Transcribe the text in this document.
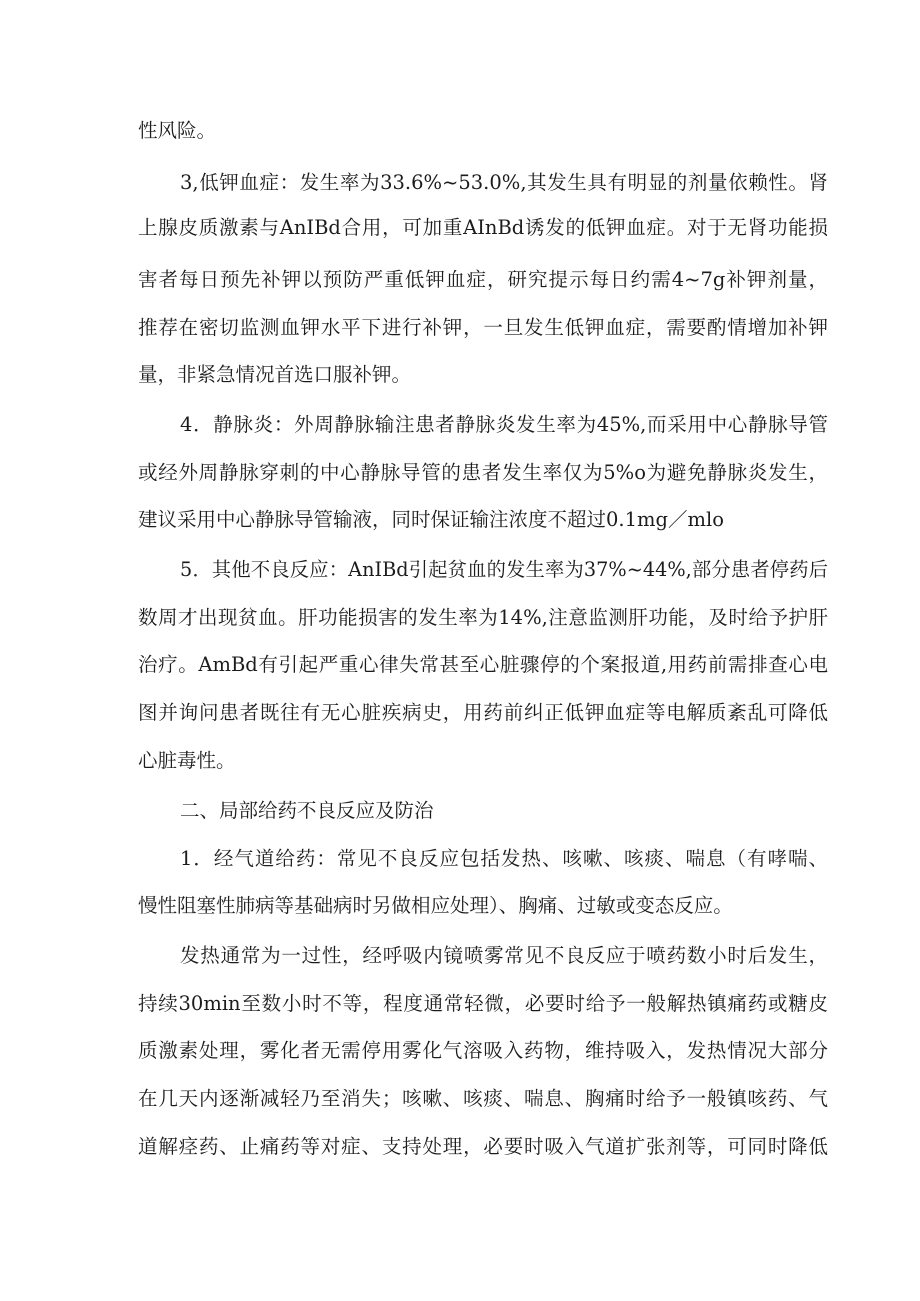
性风险。
3,低钾血症：发生率为33.6%~53.0%,其发生具有明显的剂量依赖性。肾
上腺皮质激素与AnIBd合用，可加重AInBd诱发的低钾血症。对于无肾功能损
害者每日预先补钾以预防严重低钾血症，研究提示每日约需4~7g补钾剂量，
推荐在密切监测血钾水平下进行补钾，一旦发生低钾血症，需要酌情增加补钾
量，非紧急情况首选口服补钾。
4．静脉炎：外周静脉输注患者静脉炎发生率为45%,而采用中心静脉导管
或经外周静脉穿刺的中心静脉导管的患者发生率仅为5%o为避免静脉炎发生，
建议采用中心静脉导管输液，同时保证输注浓度不超过0.1mg／mlo
5．其他不良反应：AnIBd引起贫血的发生率为37%~44%,部分患者停药后
数周才出现贫血。肝功能损害的发生率为14%,注意监测肝功能，及时给予护肝
治疗。AmBd有引起严重心律失常甚至心脏骤停的个案报道,用药前需排查心电
图并询问患者既往有无心脏疾病史，用药前纠正低钾血症等电解质紊乱可降低
心脏毒性。
二、局部给药不良反应及防治
1．经气道给药：常见不良反应包括发热、咳嗽、咳痰、喘息（有哮喘、
慢性阻塞性肺病等基础病时另做相应处理）、胸痛、过敏或变态反应。
发热通常为一过性，经呼吸内镜喷雾常见不良反应于喷药数小时后发生，
持续30min至数小时不等，程度通常轻微，必要时给予一般解热镇痛药或糖皮
质激素处理，雾化者无需停用雾化气溶吸入药物，维持吸入，发热情况大部分
在几天内逐渐减轻乃至消失；咳嗽、咳痰、喘息、胸痛时给予一般镇咳药、气
道解痉药、止痛药等对症、支持处理，必要时吸入气道扩张剂等，可同时降低
